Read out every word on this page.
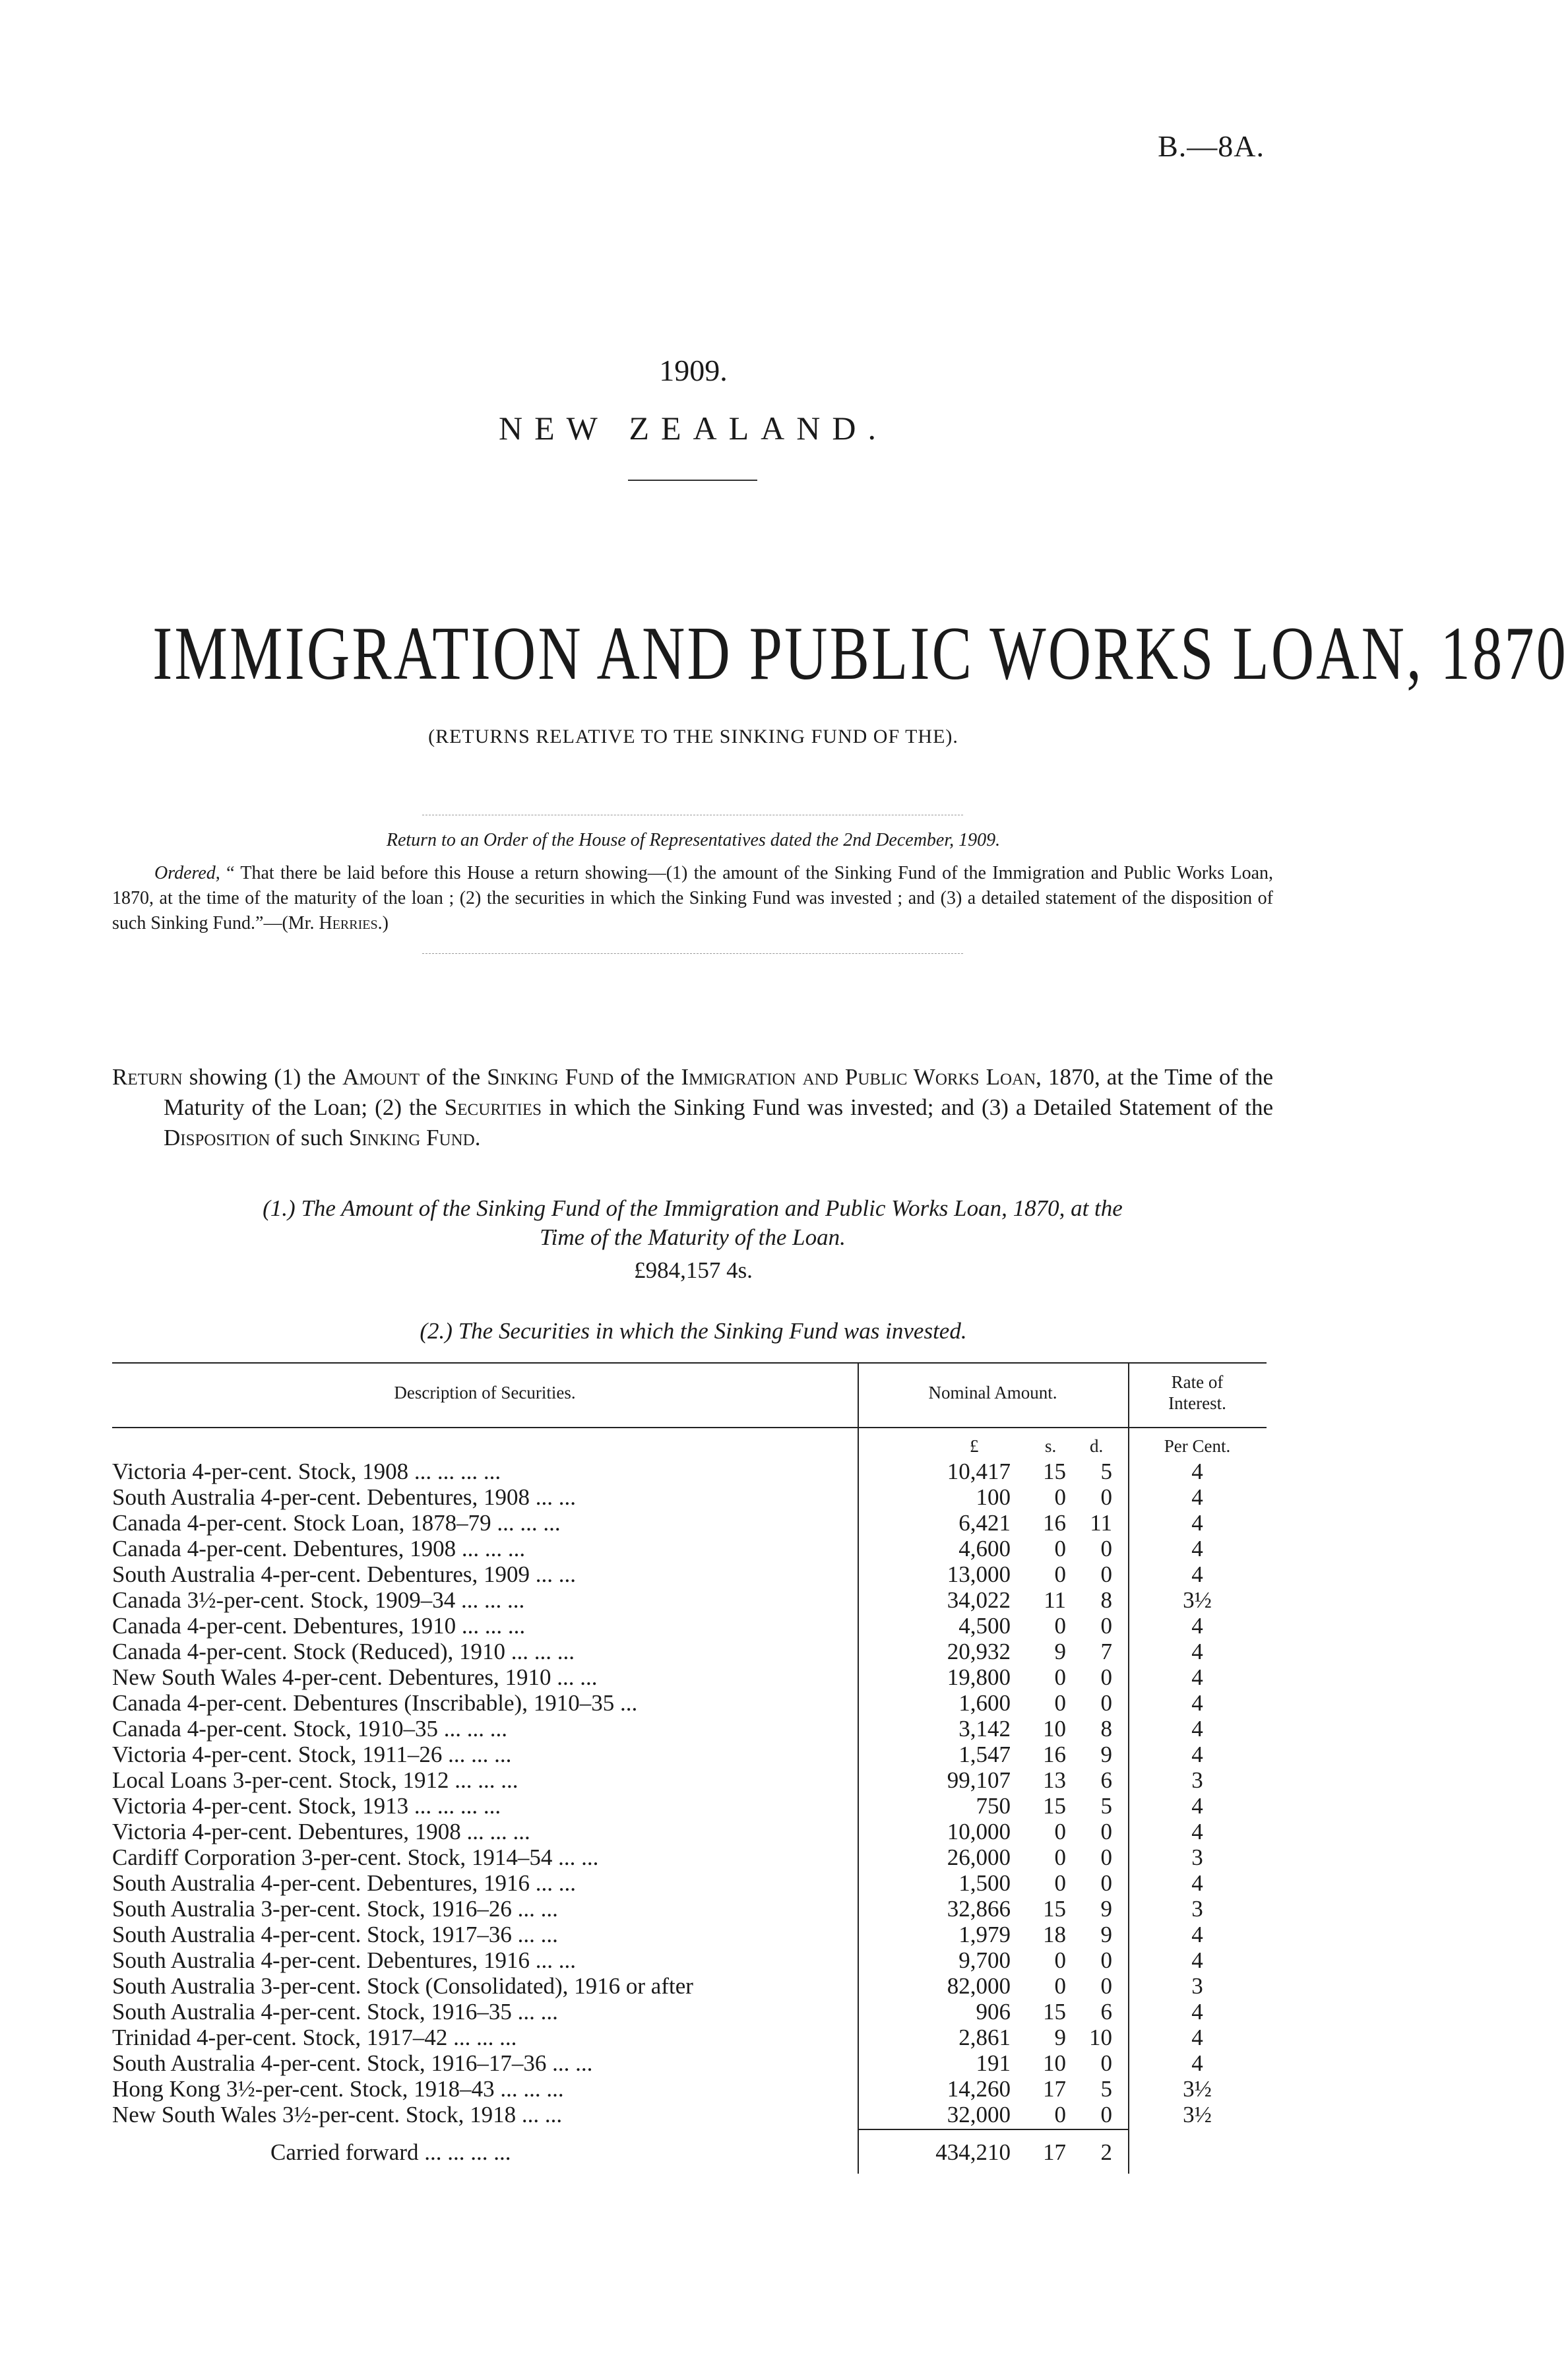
B.—8A.
1909.
NEW ZEALAND.
IMMIGRATION AND PUBLIC WORKS LOAN, 1870
(RETURNS RELATIVE TO THE SINKING FUND OF THE).
Return to an Order of the House of Representatives dated the 2nd December, 1909.
Ordered, “ That there be laid before this House a return showing—(1) the amount of the Sinking Fund of the Immigration and Public Works Loan, 1870, at the time of the maturity of the loan ; (2) the securities in which the Sinking Fund was invested ; and (3) a detailed statement of the disposition of such Sinking Fund.”—(Mr. Herries.)
Return showing (1) the Amount of the Sinking Fund of the Immigration and Public Works Loan, 1870, at the Time of the Maturity of the Loan; (2) the Securities in which the Sinking Fund was invested; and (3) a Detailed Statement of the Disposition of such Sinking Fund.
(1.) The Amount of the Sinking Fund of the Immigration and Public Works Loan, 1870, at the
Time of the Maturity of the Loan.
£984,157 4s.
(2.) The Securities in which the Sinking Fund was invested.
Description of Securities.	Nominal Amount.
Rate of
Interest.
£	s. d.	Per Cent.
Victoria 4-per-cent. Stock, 1908 ... ... ... ...	10,417	15	5	4
South Australia 4-per-cent. Debentures, 1908 ... ...	100	0	0	4
Canada 4-per-cent. Stock Loan, 1878–79 ... ... ...	6,421	16	11	4
Canada 4-per-cent. Debentures, 1908 ... ... ...	4,600	0	0	4
South Australia 4-per-cent. Debentures, 1909 ... ...	13,000	0	0	4
Canada 3½-per-cent. Stock, 1909–34 ... ... ...	34,022	11	8	3½
Canada 4-per-cent. Debentures, 1910 ... ... ...	4,500	0	0	4
Canada 4-per-cent. Stock (Reduced), 1910 ... ... ...	20,932	9	7	4
New South Wales 4-per-cent. Debentures, 1910 ... ...	19,800	0	0	4
Canada 4-per-cent. Debentures (Inscribable), 1910–35 ...	1,600	0	0	4
Canada 4-per-cent. Stock, 1910–35 ... ... ...	3,142	10	8	4
Victoria 4-per-cent. Stock, 1911–26 ... ... ...	1,547	16	9	4
Local Loans 3-per-cent. Stock, 1912 ... ... ...	99,107	13	6	3
Victoria 4-per-cent. Stock, 1913 ... ... ... ...	750	15	5	4
Victoria 4-per-cent. Debentures, 1908 ... ... ...	10,000	0	0	4
Cardiff Corporation 3-per-cent. Stock, 1914–54 ... ...	26,000	0	0	3
South Australia 4-per-cent. Debentures, 1916 ... ...	1,500	0	0	4
South Australia 3-per-cent. Stock, 1916–26 ... ...	32,866	15	9	3
South Australia 4-per-cent. Stock, 1917–36 ... ...	1,979	18	9	4
South Australia 4-per-cent. Debentures, 1916 ... ...	9,700	0	0	4
South Australia 3-per-cent. Stock (Consolidated), 1916 or after	82,000	0	0	3
South Australia 4-per-cent. Stock, 1916–35 ... ...	906	15	6	4
Trinidad 4-per-cent. Stock, 1917–42 ... ... ...	2,861	9	10	4
South Australia 4-per-cent. Stock, 1916–17–36 ... ...	191	10	0	4
Hong Kong 3½-per-cent. Stock, 1918–43 ... ... ...	14,260	17	5	3½
New South Wales 3½-per-cent. Stock, 1918 ... ...	32,000	0	0	3½
Carried forward ... ... ... ...	434,210	17	2
